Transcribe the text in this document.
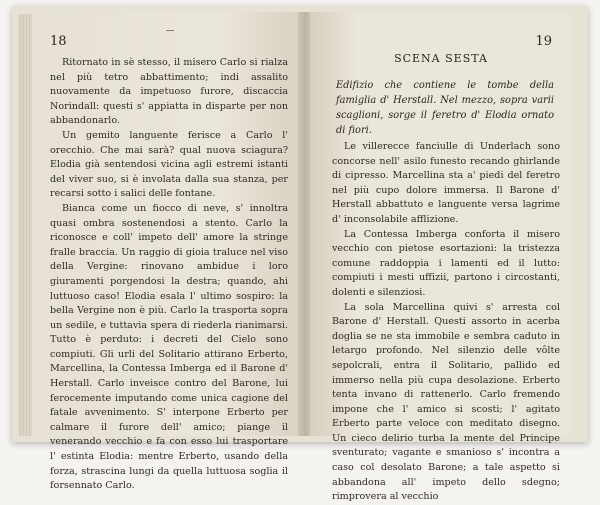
18

Ritornato in sè stesso, il misero Carlo si rialza nel più tetro abbattimento; indi assalito nuovamente da impetuoso furore, discaccia Norindall: questi s' appiatta in disparte per non abbandonarlo.

Un gemito languente ferisce a Carlo l' orecchio. Che mai sarà? qual nuova sciagura? Elodia già sentendosi vicina agli estremi istanti del viver suo, si è involata dalla sua stanza, per recarsi sotto i salici delle fontane.

Bianca come un fiocco di neve, s' innoltra quasi ombra sostenendosi a stento. Carlo la riconosce e coll' impeto dell' amore la stringe fralle braccia. Un raggio di gioia traluce nel viso della Vergine: rinovano ambidue i loro giuramenti porgendosi la destra; quando, ahi luttuoso caso! Elodia esala l' ultimo sospiro: la bella Vergine non è più. Carlo la trasporta sopra un sedile, e tuttavia spera di riederla rianimarsi. Tutto è perduto: i decreti del Cielo sono compiuti. Gli urli del Solitario attirano Erberto, Marcellina, la Contessa Imberga ed il Barone d' Herstall. Carlo inveisce contro del Barone, lui ferocemente imputando come unica cagione del fatale avvenimento. S' interpone Erberto per calmare il furore dell' amico; piange il venerando vecchio e fa con esso lui trasportare l' estinta Elodia: mentre Erberto, usando della forza, strascina lungi da quella luttuosa soglia il forsennato Carlo.

19
SCENA SESTA
Edifizio che contiene le tombe della famiglia d' Herstall. Nel mezzo, sopra varii scaglioni, sorge il feretro d' Elodia ornato di fiori.

Le villerecce fanciulle di Underlach sono concorse nell' asilo funesto recando ghirlande di cipresso. Marcellina sta a' piedi del feretro nel più cupo dolore immersa. Il Barone d' Herstall abbattuto e languente versa lagrime d' inconsolabile afflizione.

La Contessa Imberga conforta il misero vecchio con pietose esortazioni: la tristezza comune raddoppia i lamenti ed il lutto: compiuti i mesti uffizii, partono i circostanti, dolenti e silenziosi.

La sola Marcellina quivi s' arresta col Barone d' Herstall. Questi assorto in acerba doglia se ne sta immobile e sembra caduto in letargo profondo. Nel silenzio delle vôlte sepolcrali, entra il Solitario, pallido ed immerso nella più cupa desolazione. Erberto tenta invano di rattenerlo. Carlo fremendo impone che l' amico si scosti; l' agitato Erberto parte veloce con meditato disegno. Un cieco delirio turba la mente del Principe sventurato; vagante e smanioso s' incontra a caso col desolato Barone; a tale aspetto si abbandona all' impeto dello sdegno; rimprovera al vecchio
